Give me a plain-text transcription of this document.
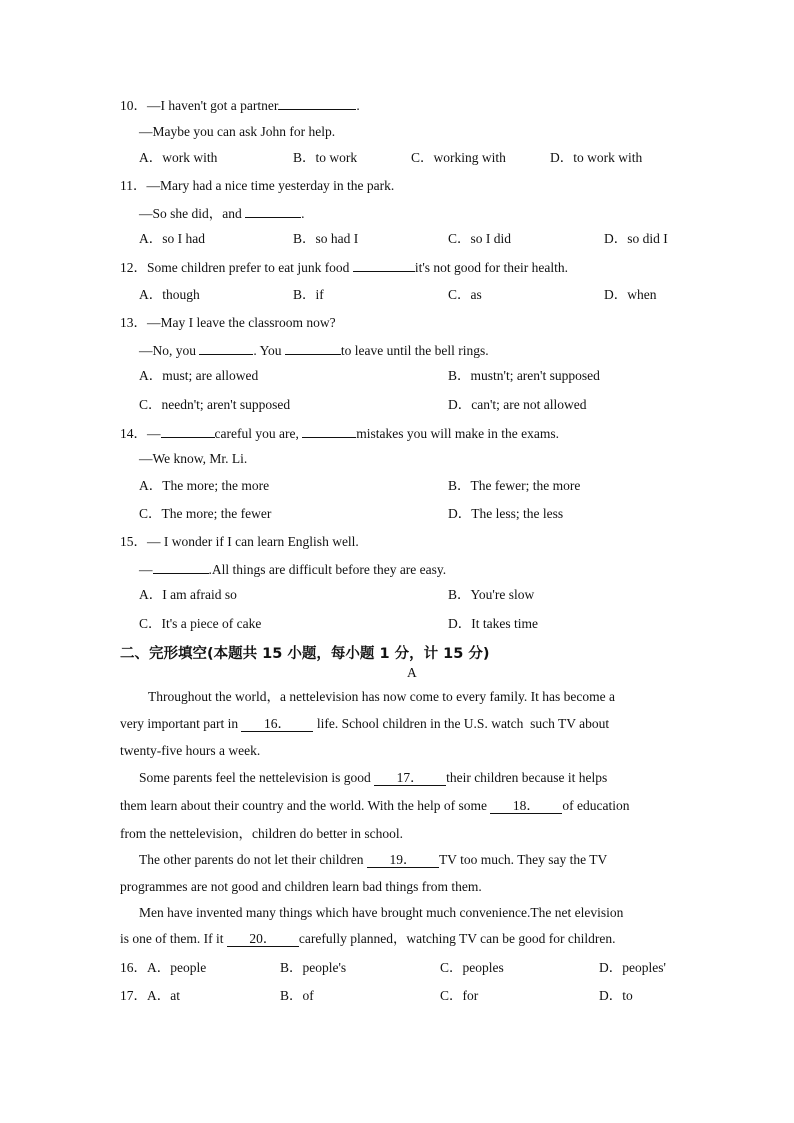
10．—I haven't got a partner	.
—Maybe you can ask John for help.
A．work with	B．to work	C．working with	D．to work with
11．—Mary had a nice time yesterday in the park.
—So she did，and	.
A．so I had	B．so had I	C．so I did	D．so did I
12．Some children prefer to eat junk food	it's not good for their health.
A．though	B．if	C．as	D．when
13．—May I leave the classroom now?
—No, you	. You	to leave until the bell rings.
A．must; are allowed	B．mustn't; aren't supposed
C．needn't; aren't supposed	D．can't; are not allowed
14．—	careful you are,	mistakes you will make in the exams.
—We know, Mr. Li.
A．The more; the more	B．The fewer; the more
C．The more; the fewer	D．The less; the less
15．— I wonder if I can learn English well.
—	.All things are difficult before they are easy.
A．I am afraid so	B．You're slow
C．It's a piece of cake	D．It takes time
二、完形填空(本题共 15 小题，每小题 1 分，计 15 分)
A
Throughout the world，a nettelevision has now come to every family. It has become a
very important part in 16． life. School children in the U.S. watch  such TV about
twenty-five hours a week.
Some parents feel the nettelevision is good 17． their children because it helps
them learn about their country and the world. With the help of some 18． of education
from the nettelevision，children do better in school.
The other parents do not let their children 19． TV too much. They say the TV
programmes are not good and children learn bad things from them.
Men have invented many things which have brought much convenience.The net elevision
is one of them. If it 20． carefully planned，watching TV can be good for children.
16．A．people	B．people's	C．peoples	D．peoples'
17．A．at	B．of	C．for	D．to
